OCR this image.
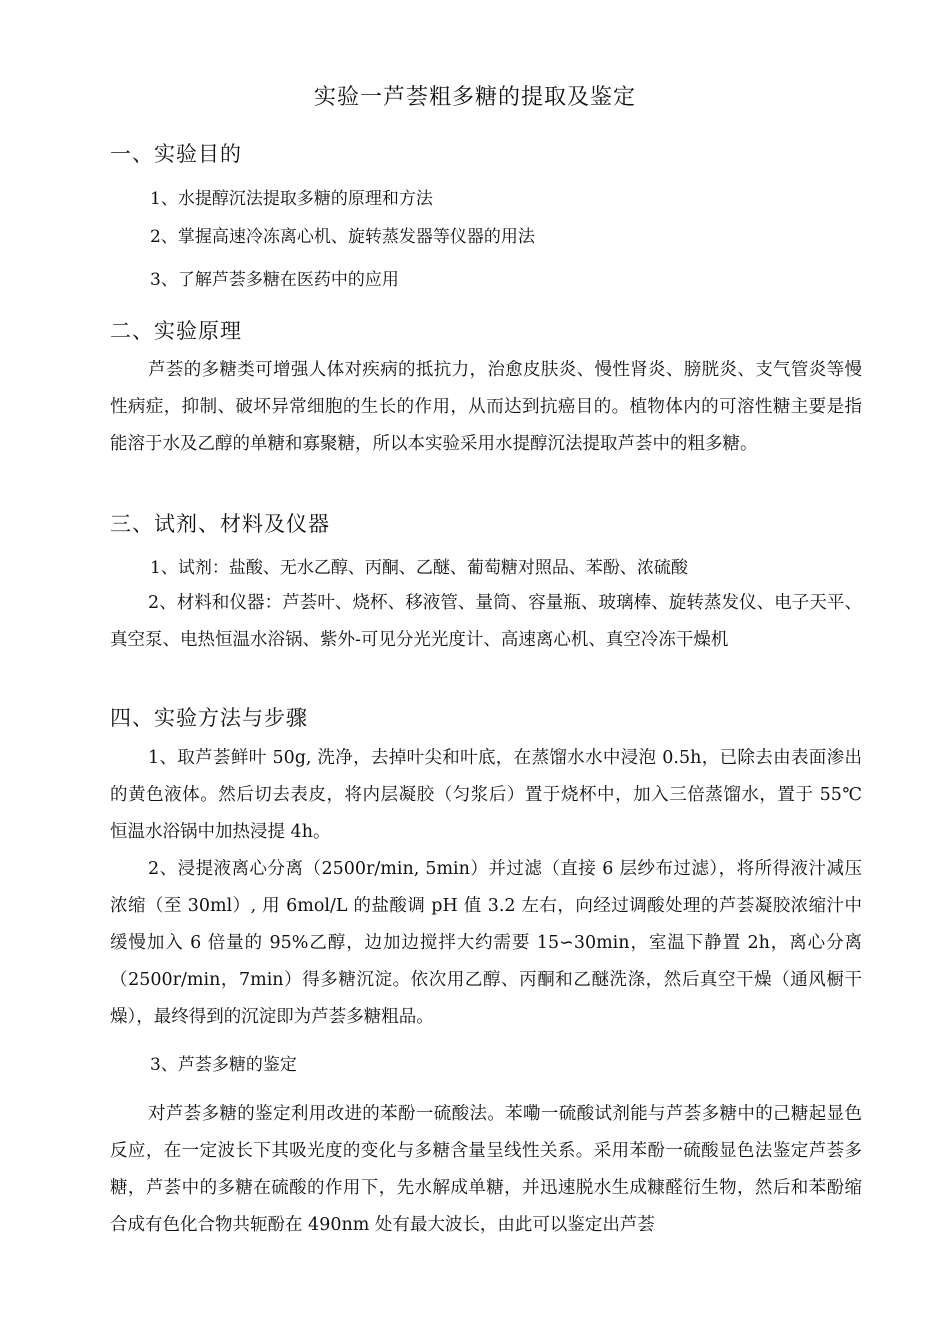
实验一芦荟粗多糖的提取及鉴定
一、实验目的
1、水提醇沉法提取多糖的原理和方法
2、掌握高速冷冻离心机、旋转蒸发器等仪器的用法
3、了解芦荟多糖在医药中的应用
二、实验原理

芦荟的多糖类可增强人体对疾病的抵抗力，治愈皮肤炎、慢性肾炎、膀胱炎、支气管炎等慢性病症，抑制、破坏异常细胞的生长的作用，从而达到抗癌目的。植物体内的可溶性糖主要是指能溶于水及乙醇的单糖和寡聚糖，所以本实验采用水提醇沉法提取芦荟中的粗多糖。

三、试剂、材料及仪器
1、试剂：盐酸、无水乙醇、丙酮、乙醚、葡萄糖对照品、苯酚、浓硫酸

2、材料和仪器：芦荟叶、烧杯、移液管、量筒、容量瓶、玻璃棒、旋转蒸发仪、电子天平、真空泵、电热恒温水浴锅、紫外-可见分光光度计、高速离心机、真空冷冻干燥机

四、实验方法与步骤

1、取芦荟鲜叶 50g, 洗净，去掉叶尖和叶底，在蒸馏水水中浸泡 0.5h，已除去由表面渗出的黄色液体。然后切去表皮，将内层凝胶（匀浆后）置于烧杯中，加入三倍蒸馏水，置于 55℃ 恒温水浴锅中加热浸提 4h。

2、浸提液离心分离（2500r/min, 5min）并过滤（直接 6 层纱布过滤），将所得液汁减压浓缩（至 30ml）, 用 6mol/L 的盐酸调 pH 值 3.2 左右，向经过调酸处理的芦荟凝胶浓缩汁中缓慢加入 6 倍量的 95%乙醇，边加边搅拌大约需要 15∽30min，室温下静置 2h，离心分离（2500r/min，7min）得多糖沉淀。依次用乙醇、丙酮和乙醚洗涤，然后真空干燥（通风橱干燥），最终得到的沉淀即为芦荟多糖粗品。

3、芦荟多糖的鉴定

对芦荟多糖的鉴定利用改进的苯酚一硫酸法。苯嘞一硫酸试剂能与芦荟多糖中的己糖起显色反应，在一定波长下其吸光度的变化与多糖含量呈线性关系。采用苯酚一硫酸显色法鉴定芦荟多糖，芦荟中的多糖在硫酸的作用下，先水解成单糖，并迅速脱水生成糠醛衍生物，然后和苯酚缩合成有色化合物共轭酚在 490nm 处有最大波长，由此可以鉴定出芦荟
